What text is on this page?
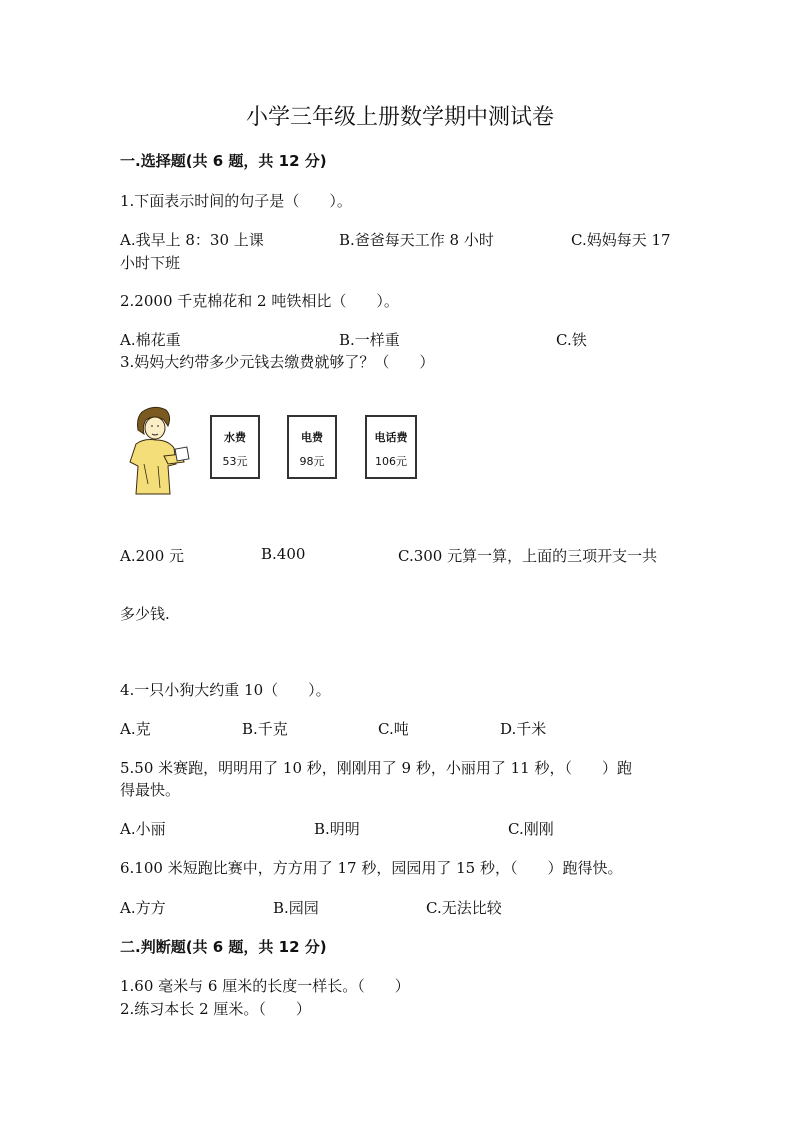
小学三年级上册数学期中测试卷
一.选择题(共 6 题，共 12 分)
1.下面表示时间的句子是（　　）。
A.我早上 8：30 上课	B.爸爸每天工作 8 小时	C.妈妈每天 17
小时下班
2.2000 千克棉花和 2 吨铁相比（　　）。
A.棉花重	B.一样重	C.铁
3.妈妈大约带多少元钱去缴费就够了？（　　）
水费
53元
电费
98元
电话费
106元
A.200 元	B.400	C.300 元算一算，上面的三项开支一共
多少钱.
4.一只小狗大约重 10（　　）。
A.克	B.千克	C.吨	D.千米
5.50 米赛跑，明明用了 10 秒，刚刚用了 9 秒，小丽用了 11 秒，（　　）跑
得最快。
A.小丽	B.明明	C.刚刚
6.100 米短跑比赛中，方方用了 17 秒，园园用了 15 秒，（　　）跑得快。
A.方方	B.园园	C.无法比较
二.判断题(共 6 题，共 12 分)
1.60 毫米与 6 厘米的长度一样长。（　　）
2.练习本长 2 厘米。（　　）
